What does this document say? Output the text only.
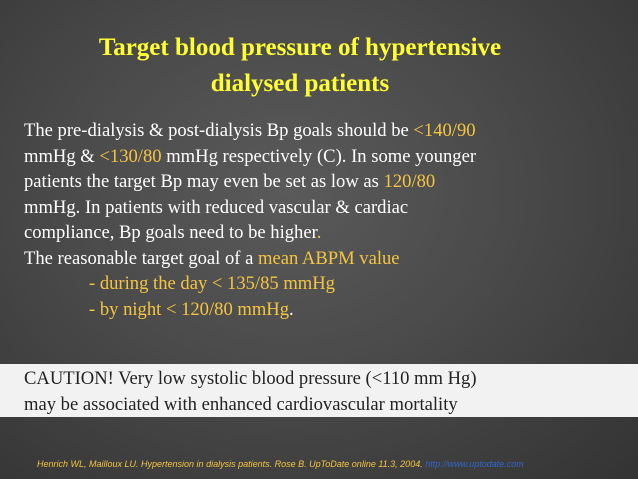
Target blood pressure of hypertensive
dialysed patients
The pre-dialysis & post-dialysis Bp goals should be <140/90
mmHg & <130/80 mmHg respectively (C). In some younger
patients the target Bp may even be set as low as 120/80
mmHg. In patients with reduced vascular & cardiac
compliance, Bp goals need to be higher.
The reasonable target goal of a mean ABPM value
- during the day < 135/85 mmHg
- by night < 120/80 mmHg.
CAUTION! Very low systolic blood pressure (<110 mm Hg)
may be associated with enhanced cardiovascular mortality
Henrich WL, Mailloux LU. Hypertension in dialysis patients. Rose B. UpToDate online 11.3, 2004. http://www.uptodate.com
